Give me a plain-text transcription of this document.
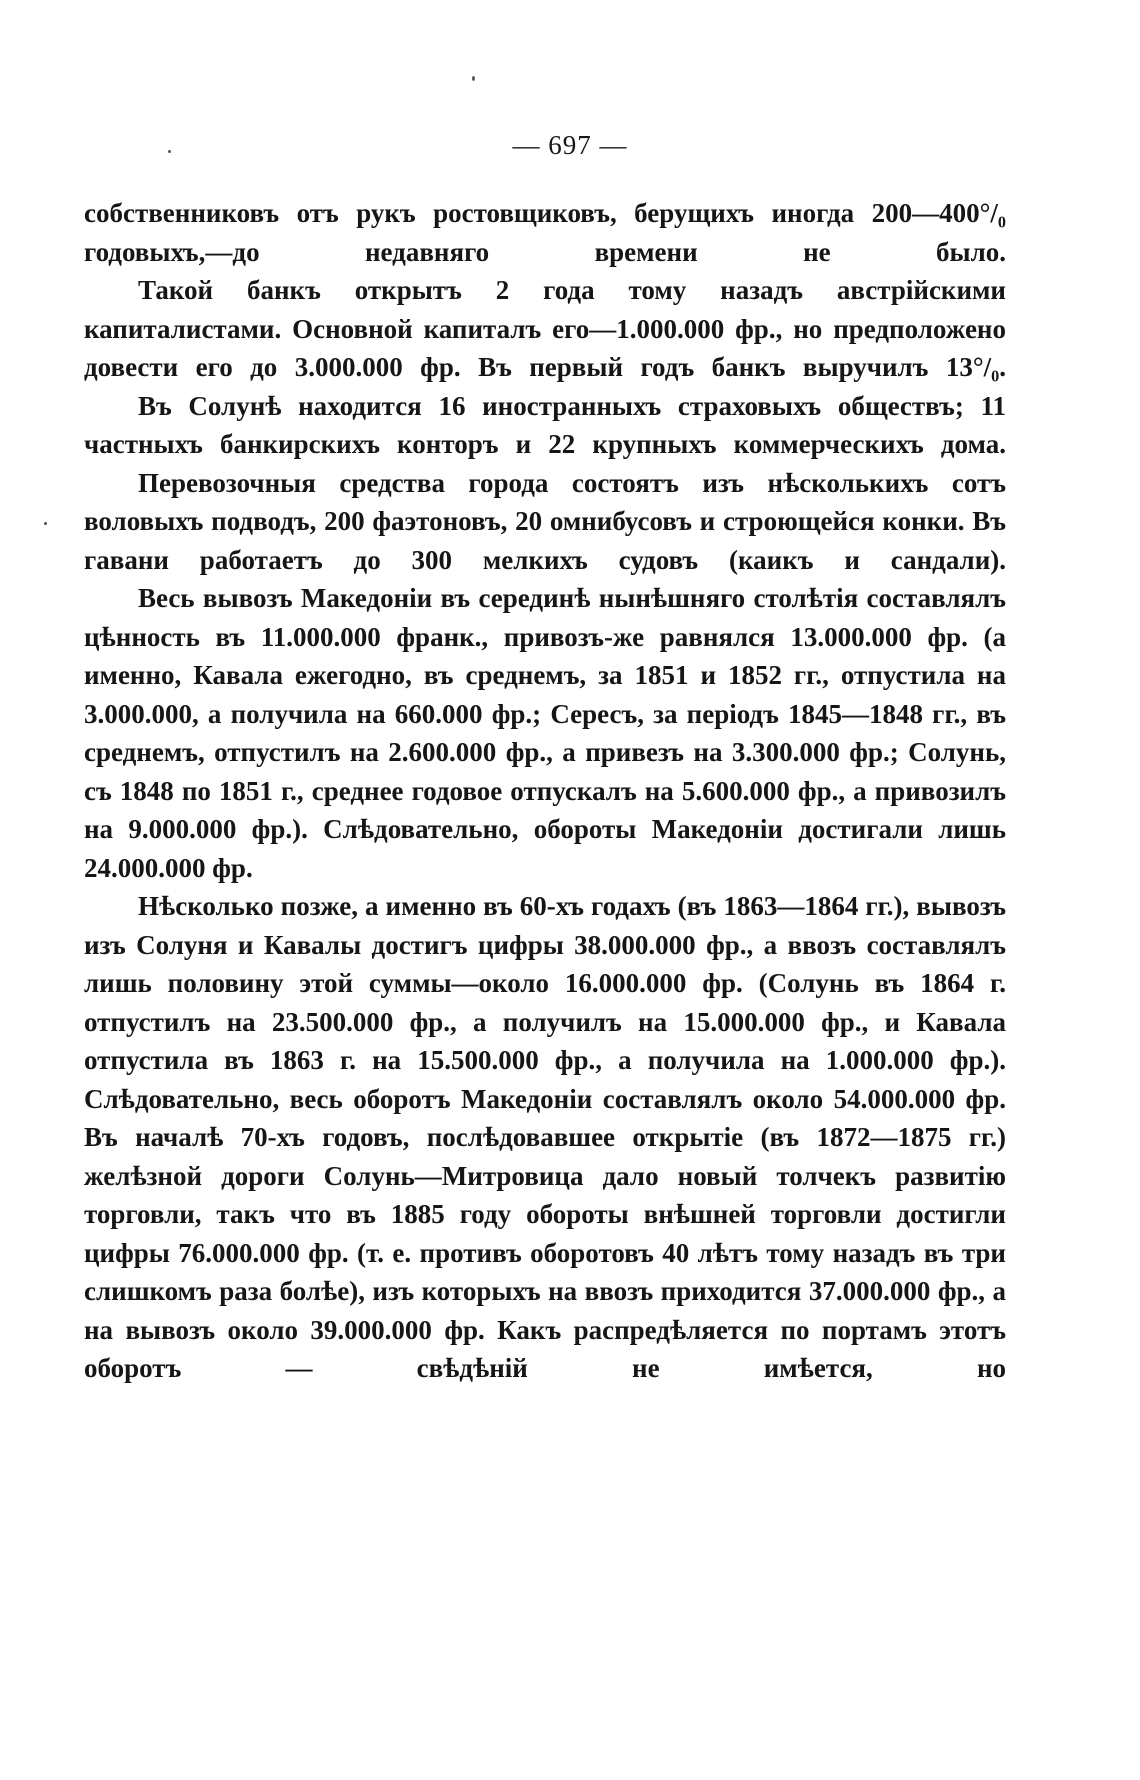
— 697 —

собственниковъ отъ рукъ ростовщиковъ, берущихъ иногда 200—400°/₀ годовыхъ,—до недавняго времени не было.

Такой банкъ открытъ 2 года тому назадъ австрійскими капиталистами. Основной капиталъ его—1.000.000 фр., но предположено довести его до 3.000.000 фр. Въ первый годъ банкъ выручилъ 13°/₀.

Въ Солунѣ находится 16 иностранныхъ страховыхъ обществъ; 11 частныхъ банкирскихъ конторъ и 22 крупныхъ коммерческихъ дома.

Перевозочныя средства города состоятъ изъ нѣсколькихъ сотъ воловыхъ подводъ, 200 фаэтоновъ, 20 омнибусовъ и строющейся конки. Въ гавани работаетъ до 300 мелкихъ судовъ (каикъ и сандали).

Весь вывозъ Македоніи въ серединѣ нынѣшняго столѣтія составлялъ цѣнность въ 11.000.000 франк., привозъ-же равнялся 13.000.000 фр. (а именно, Кавала ежегодно, въ среднемъ, за 1851 и 1852 гг., отпустила на 3.000.000, а получила на 660.000 фр.; Сересъ, за періодъ 1845—1848 гг., въ среднемъ, отпустилъ на 2.600.000 фр., а привезъ на 3.300.000 фр.; Солунь, съ 1848 по 1851 г., среднее годовое отпускалъ на 5.600.000 фр., а привозилъ на 9.000.000 фр.). Слѣдовательно, обороты Македоніи достигали лишь 24.000.000 фр.

Нѣсколько позже, а именно въ 60-хъ годахъ (въ 1863—1864 гг.), вывозъ изъ Солуня и Кавалы достигъ цифры 38.000.000 фр., а ввозъ составлялъ лишь половину этой суммы—около 16.000.000 фр. (Солунь въ 1864 г. отпустилъ на 23.500.000 фр., а получилъ на 15.000.000 фр., и Кавала отпустила въ 1863 г. на 15.500.000 фр., а получила на 1.000.000 фр.). Слѣдовательно, весь оборотъ Македоніи составлялъ около 54.000.000 фр. Въ началѣ 70-хъ годовъ, послѣдовавшее открытіе (въ 1872—1875 гг.) желѣзной дороги Солунь—Митровица дало новый толчекъ развитію торговли, такъ что въ 1885 году обороты внѣшней торговли достигли цифры 76.000.000 фр. (т. е. противъ оборотовъ 40 лѣтъ тому назадъ въ три слишкомъ раза болѣе), изъ которыхъ на ввозъ приходится 37.000.000 фр., а на вывозъ около 39.000.000 фр. Какъ распредѣляется по портамъ этотъ оборотъ — свѣдѣній не имѣется, но
